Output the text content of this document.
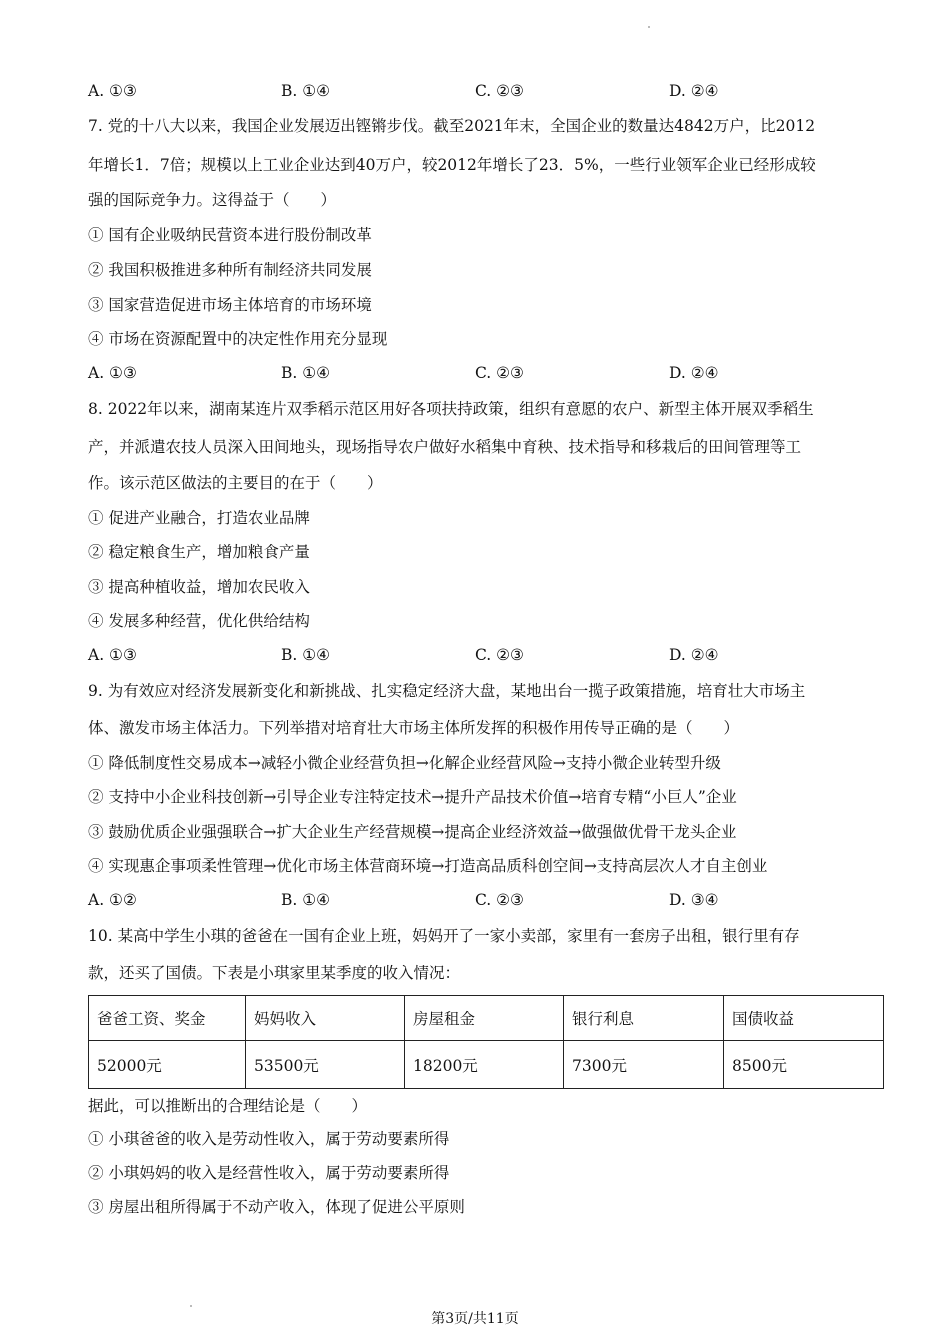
A. ①③	B. ①④	C. ②③	D. ②④
7. 党的十八大以来，我国企业发展迈出铿锵步伐。截至2021年末，全国企业的数量达4842万户，比2012
年增长1．7倍；规模以上工业企业达到40万户，较2012年增长了23．5%，一些行业领军企业已经形成较
强的国际竞争力。这得益于（　　）
① 国有企业吸纳民营资本进行股份制改革
② 我国积极推进多种所有制经济共同发展
③ 国家营造促进市场主体培育的市场环境
④ 市场在资源配置中的决定性作用充分显现
A. ①③	B. ①④	C. ②③	D. ②④
8. 2022年以来，湖南某连片双季稻示范区用好各项扶持政策，组织有意愿的农户、新型主体开展双季稻生
产，并派遣农技人员深入田间地头，现场指导农户做好水稻集中育秧、技术指导和移栽后的田间管理等工
作。该示范区做法的主要目的在于（　　）
① 促进产业融合，打造农业品牌
② 稳定粮食生产，增加粮食产量
③ 提高种植收益，增加农民收入
④ 发展多种经营，优化供给结构
A. ①③	B. ①④	C. ②③	D. ②④
9. 为有效应对经济发展新变化和新挑战、扎实稳定经济大盘，某地出台一揽子政策措施，培育壮大市场主
体、激发市场主体活力。下列举措对培育壮大市场主体所发挥的积极作用传导正确的是（　　）
① 降低制度性交易成本→减轻小微企业经营负担→化解企业经营风险→支持小微企业转型升级
② 支持中小企业科技创新→引导企业专注特定技术→提升产品技术价值→培育专精“小巨人”企业
③ 鼓励优质企业强强联合→扩大企业生产经营规模→提高企业经济效益→做强做优骨干龙头企业
④ 实现惠企事项柔性管理→优化市场主体营商环境→打造高品质科创空间→支持高层次人才自主创业
A. ①②	B. ①④	C. ②③	D. ③④
10. 某高中学生小琪的爸爸在一国有企业上班，妈妈开了一家小卖部，家里有一套房子出租，银行里有存
款，还买了国债。下表是小琪家里某季度的收入情况：
爸爸工资、奖金	妈妈收入	房屋租金	银行利息	国债收益
52000元	53500元	18200元	7300元	8500元
据此，可以推断出的合理结论是（　　）
① 小琪爸爸的收入是劳动性收入，属于劳动要素所得
② 小琪妈妈的收入是经营性收入，属于劳动要素所得
③ 房屋出租所得属于不动产收入，体现了促进公平原则
第3页/共11页
